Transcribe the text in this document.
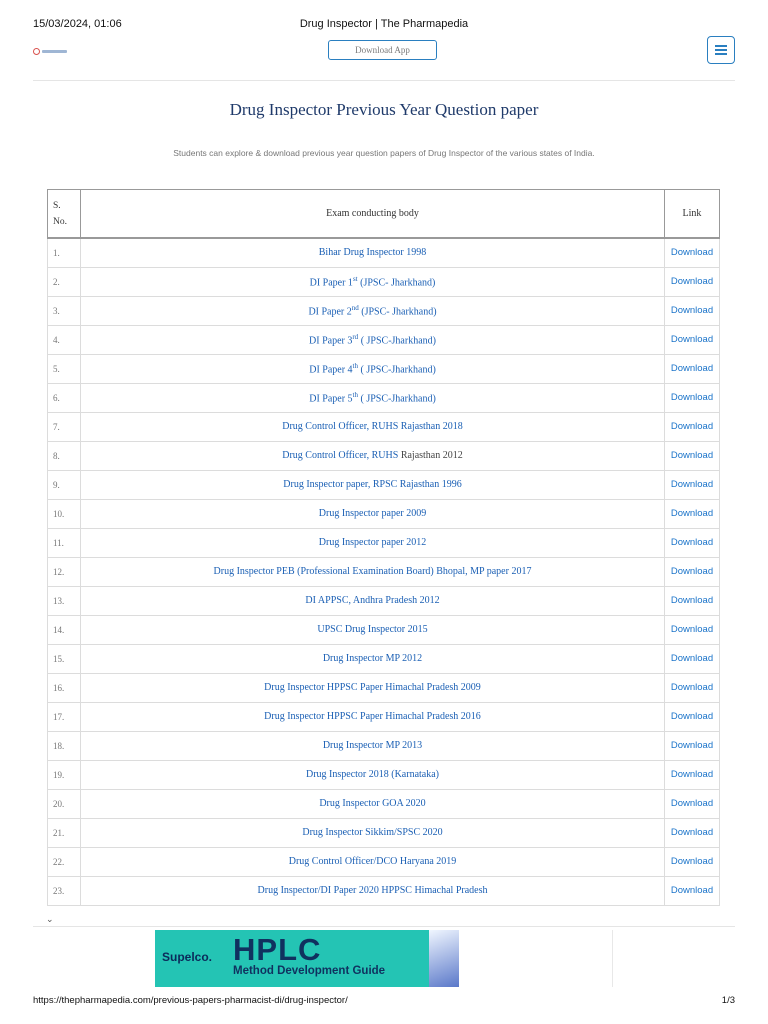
15/03/2024, 01:06	Drug Inspector | The Pharmapedia
Download App
Drug Inspector Previous Year Question paper
Students can explore & download previous year question papers of Drug Inspector of the various states of India.
S. No.	Exam conducting body	Link
1.	Bihar Drug Inspector 1998	Download
2.	DI Paper 1st (JPSC- Jharkhand)	Download
3.	DI Paper 2nd (JPSC- Jharkhand)	Download
4.	DI Paper 3rd ( JPSC-Jharkhand)	Download
5.	DI Paper 4th ( JPSC-Jharkhand)	Download
6.	DI Paper 5th ( JPSC-Jharkhand)	Download
7.	Drug Control Officer, RUHS Rajasthan 2018	Download
8.	Drug Control Officer, RUHS Rajasthan 2012	Download
9.	Drug Inspector paper, RPSC Rajasthan 1996	Download
10.	Drug Inspector paper 2009	Download
11.	Drug Inspector paper 2012	Download
12.	Drug Inspector PEB (Professional Examination Board) Bhopal, MP paper 2017	Download
13.	DI APPSC, Andhra Pradesh 2012	Download
14.	UPSC Drug Inspector 2015	Download
15.	Drug Inspector MP 2012	Download
16.	Drug Inspector HPPSC Paper Himachal Pradesh 2009	Download
17.	Drug Inspector HPPSC Paper Himachal Pradesh 2016	Download
18.	Drug Inspector MP 2013	Download
19.	Drug Inspector 2018 (Karnataka)	Download
20.	Drug Inspector GOA 2020	Download
21.	Drug Inspector Sikkim/SPSC 2020	Download
22.	Drug Control Officer/DCO Haryana 2019	Download
23.	Drug Inspector/DI Paper 2020 HPPSC Himachal Pradesh	Download
⌄
Supelco. HPLC
Method Development Guide
https://thepharmapedia.com/previous-papers-pharmacist-di/drug-inspector/	1/3
